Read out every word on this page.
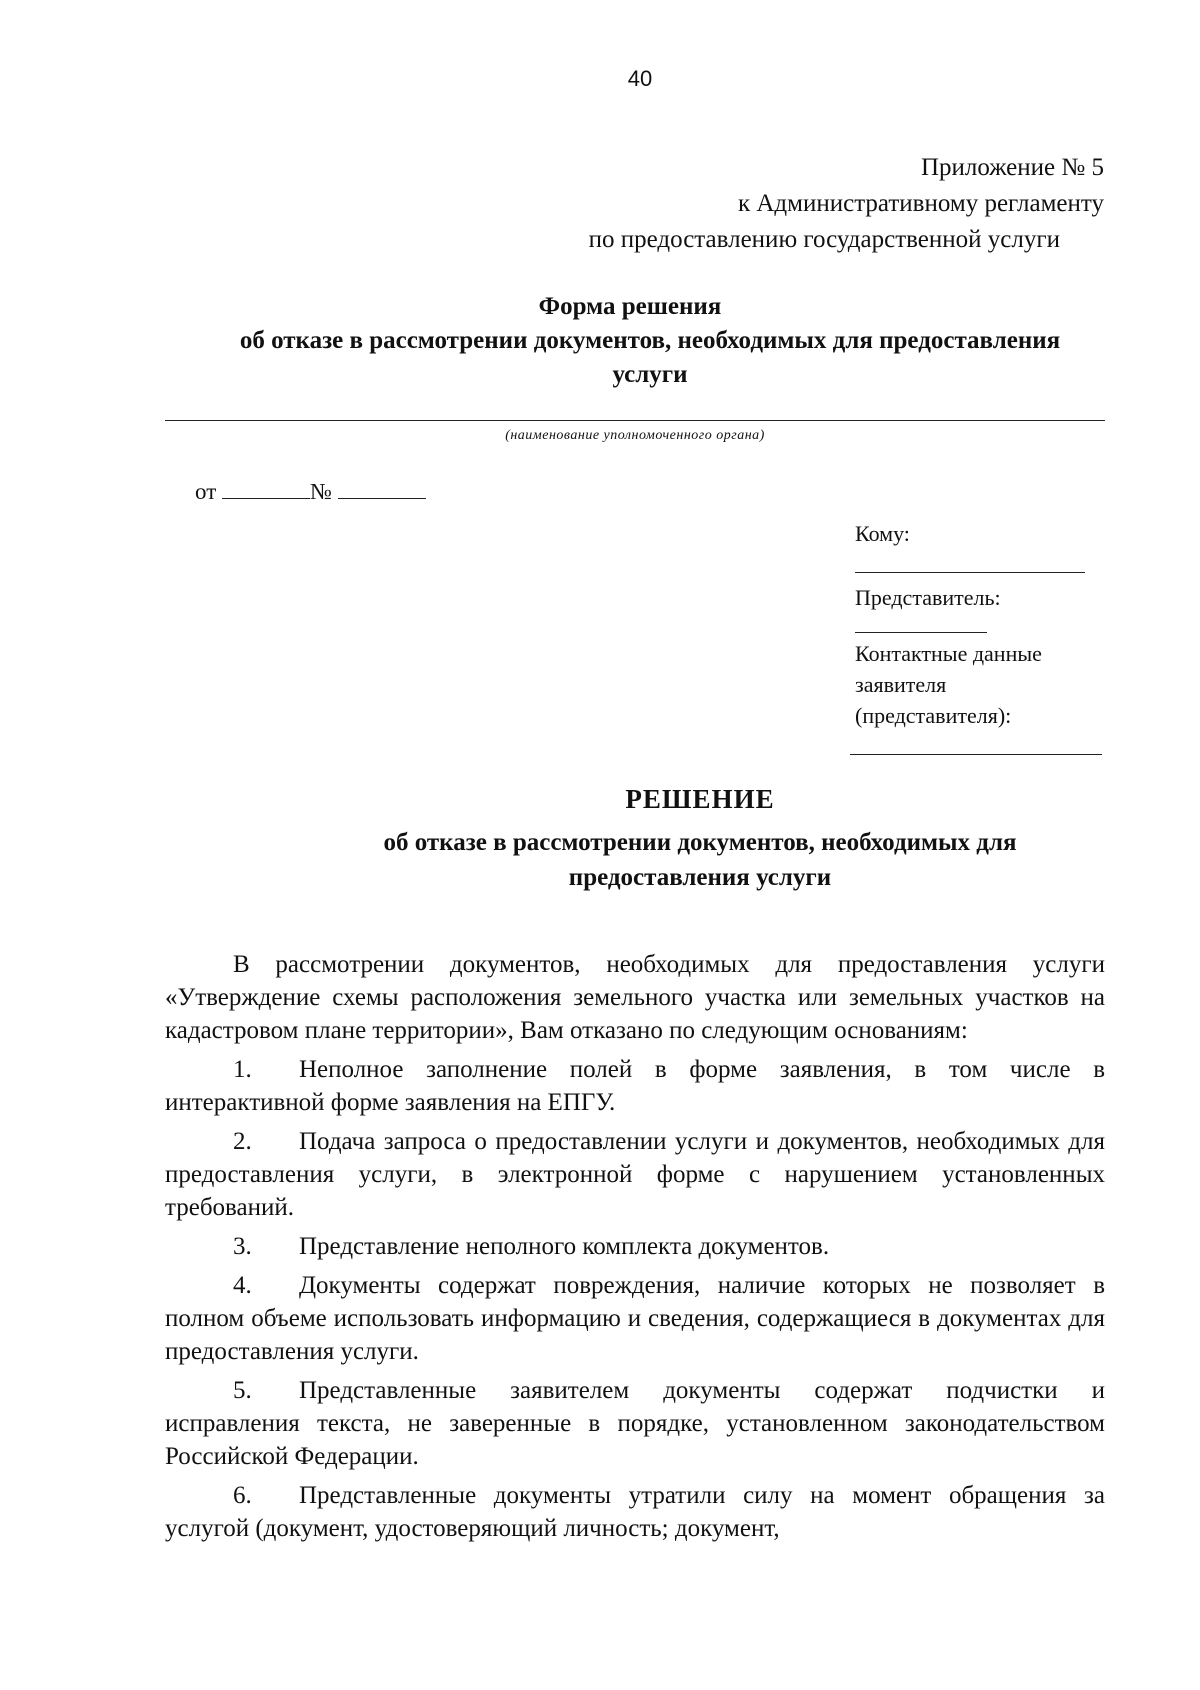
40
Приложение № 5
к Административному регламенту
по предоставлению государственной услуги
Форма решения
об отказе в рассмотрении документов, необходимых для предоставления
услуги
(наименование уполномоченного органа)
от	№
Кому:
Представитель:
Контактные данные
заявителя
(представителя):
РЕШЕНИЕ
об отказе в рассмотрении документов, необходимых для
предоставления услуги

В рассмотрении документов, необходимых для предоставления услуги «Утверждение схемы расположения земельного участка или земельных участков на кадастровом плане территории», Вам отказано по следующим основаниям:

1. Неполное заполнение полей в форме заявления, в том числе в интерактивной форме заявления на ЕПГУ.

2. Подача запроса о предоставлении услуги и документов, необходимых для предоставления услуги, в электронной форме с нарушением установленных требований.

3. Представление неполного комплекта документов.

4. Документы содержат повреждения, наличие которых не позволяет в полном объеме использовать информацию и сведения, содержащиеся в документах для предоставления услуги.

5. Представленные заявителем документы содержат подчистки и исправления текста, не заверенные в порядке, установленном законодательством Российской Федерации.

6. Представленные документы утратили силу на момент обращения за услугой (документ, удостоверяющий личность; документ,
